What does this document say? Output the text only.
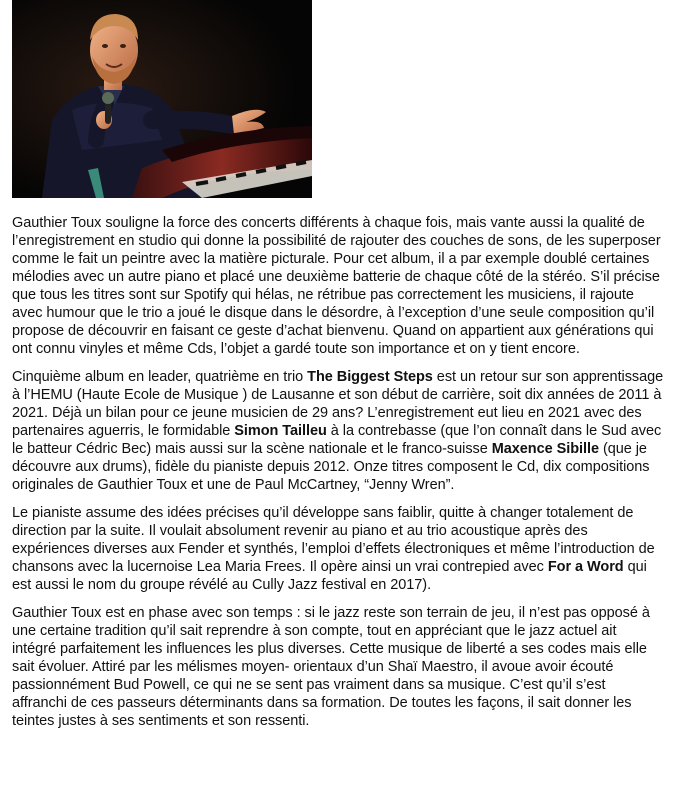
Gauthier Toux souligne la force des concerts différents à chaque fois, mais vante aussi la qualité de l’enregistrement en studio qui donne la possibilité de rajouter des couches de sons, de les superposer comme le fait un peintre avec la matière picturale. Pour cet album, il a par exemple doublé certaines mélodies avec un autre piano et placé une deuxième batterie de chaque côté de la stéréo. S’il précise que tous les titres sont sur Spotify qui hélas, ne rétribue pas correctement les musiciens, il rajoute avec humour que le trio a joué le disque dans le désordre, à l’exception d’une seule composition qu’il propose de découvrir en faisant ce geste d’achat bienvenu. Quand on appartient aux générations qui ont connu vinyles et même Cds, l’objet a gardé toute son importance et on y tient encore.

Cinquième album en leader, quatrième en trio The Biggest Steps est un retour sur son apprentissage à l’HEMU (Haute Ecole de Musique ) de Lausanne et son début de carrière, soit dix années de 2011 à 2021. Déjà un bilan pour ce jeune musicien de 29 ans? L’enregistrement eut lieu en 2021 avec des partenaires aguerris, le formidable Simon Tailleu à la contrebasse (que l’on connaît dans le Sud avec le batteur Cédric Bec) mais aussi sur la scène nationale et le franco-suisse Maxence Sibille (que je découvre aux drums), fidèle du pianiste depuis 2012. Onze titres composent le Cd, dix compositions originales de Gauthier Toux et une de Paul McCartney, “Jenny Wren”.

Le pianiste assume des idées précises qu’il développe sans faiblir, quitte à changer totalement de direction par la suite. Il voulait absolument revenir au piano et au trio acoustique après des expériences diverses aux Fender et synthés, l’emploi d’effets électroniques et même l’introduction de chansons avec la lucernoise Lea Maria Frees. Il opère ainsi un vrai contrepied avec For a Word qui est aussi le nom du groupe révélé au Cully Jazz festival en 2017).

Gauthier Toux est en phase avec son temps : si le jazz reste son terrain de jeu, il n’est pas opposé à une certaine tradition qu’il sait reprendre à son compte, tout en appréciant que le jazz actuel ait intégré parfaitement les influences les plus diverses. Cette musique de liberté a ses codes mais elle sait évoluer. Attiré par les mélismes moyen- orientaux d’un Shaï Maestro, il avoue avoir écouté passionnément Bud Powell, ce qui ne se sent pas vraiment dans sa musique. C’est qu’il s’est affranchi de ces passeurs déterminants dans sa formation. De toutes les façons, il sait donner les teintes justes à ses sentiments et son ressenti.
